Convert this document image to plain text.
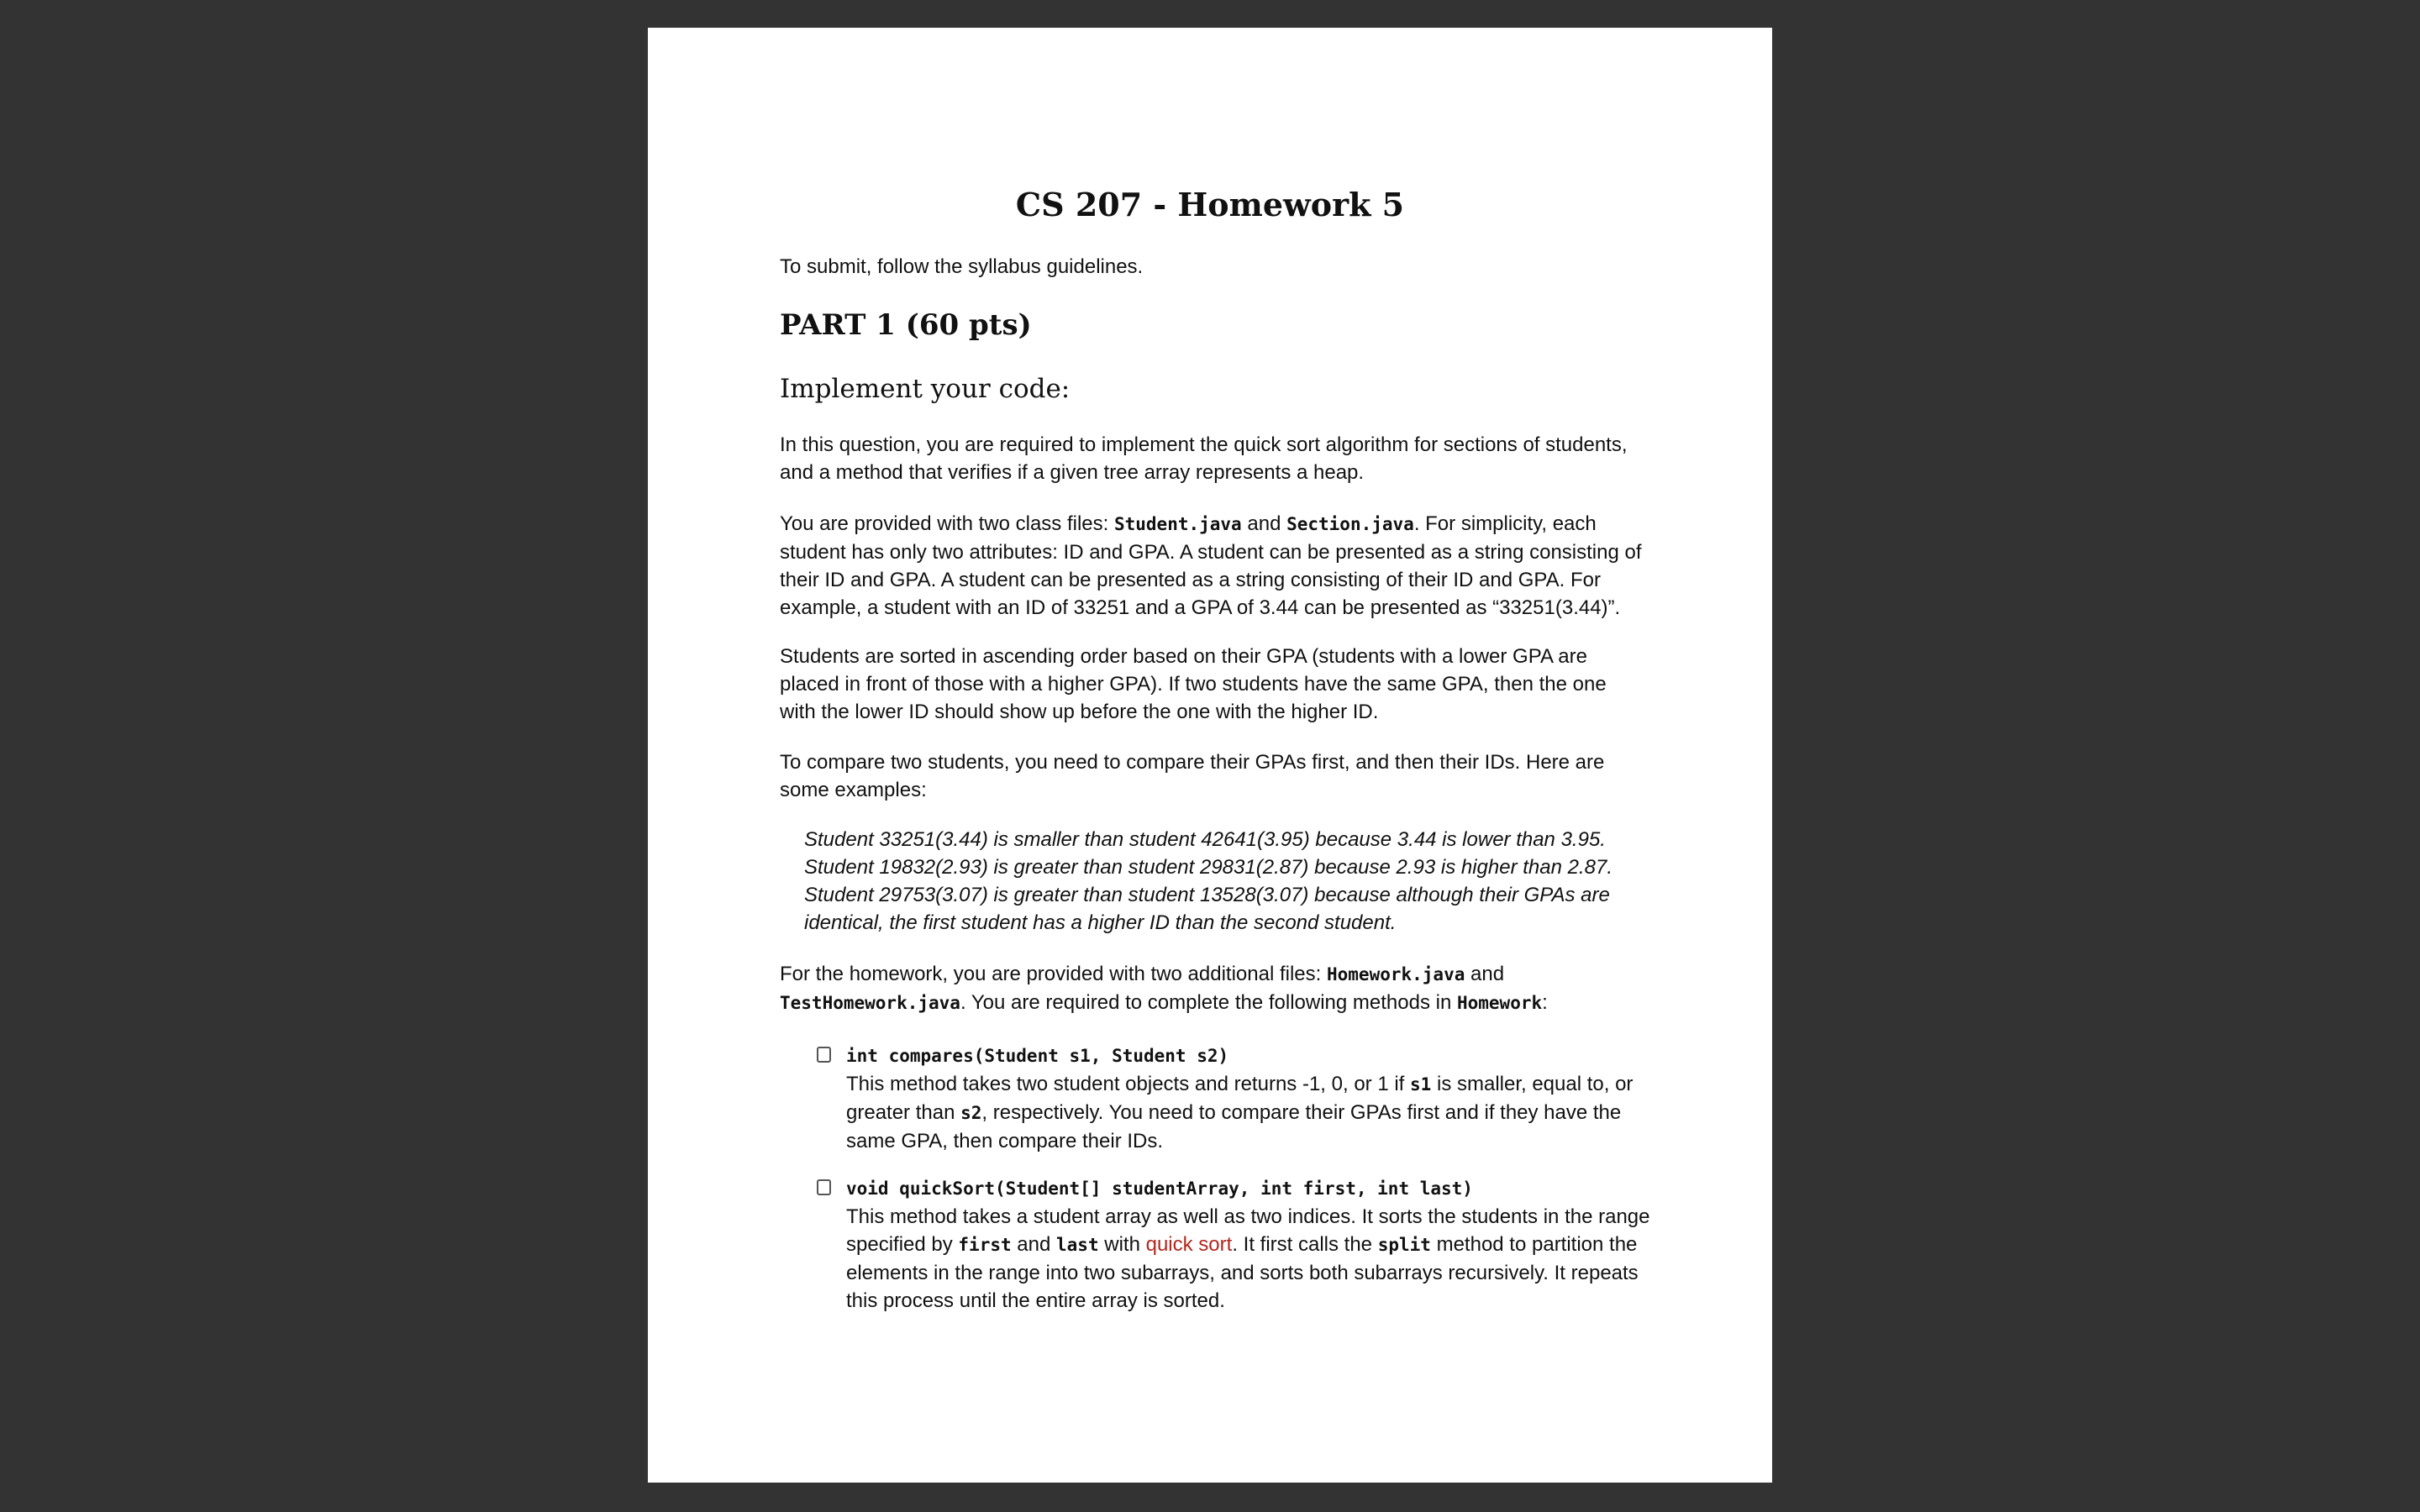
CS 207 - Homework 5
To submit, follow the syllabus guidelines.
PART 1 (60 pts)
Implement your code:
In this question, you are required to implement the quick sort algorithm for sections of students, and a method that verifies if a given tree array represents a heap.
You are provided with two class files: Student.java and Section.java. For simplicity, each student has only two attributes: ID and GPA. A student can be presented as a string consisting of their ID and GPA. A student can be presented as a string consisting of their ID and GPA. For example, a student with an ID of 33251 and a GPA of 3.44 can be presented as “33251(3.44)”.
Students are sorted in ascending order based on their GPA (students with a lower GPA are placed in front of those with a higher GPA). If two students have the same GPA, then the one with the lower ID should show up before the one with the higher ID.
To compare two students, you need to compare their GPAs first, and then their IDs. Here are some examples:
Student 33251(3.44) is smaller than student 42641(3.95) because 3.44 is lower than 3.95.
Student 19832(2.93) is greater than student 29831(2.87) because 2.93 is higher than 2.87.
Student 29753(3.07) is greater than student 13528(3.07) because although their GPAs are identical, the first student has a higher ID than the second student.
For the homework, you are provided with two additional files: Homework.java and TestHomework.java. You are required to complete the following methods in Homework:
int compares(Student s1, Student s2)
This method takes two student objects and returns -1, 0, or 1 if s1 is smaller, equal to, or greater than s2, respectively. You need to compare their GPAs first and if they have the same GPA, then compare their IDs.
void quickSort(Student[] studentArray, int first, int last)
This method takes a student array as well as two indices. It sorts the students in the range specified by first and last with quick sort. It first calls the split method to partition the elements in the range into two subarrays, and sorts both subarrays recursively. It repeats this process until the entire array is sorted.
